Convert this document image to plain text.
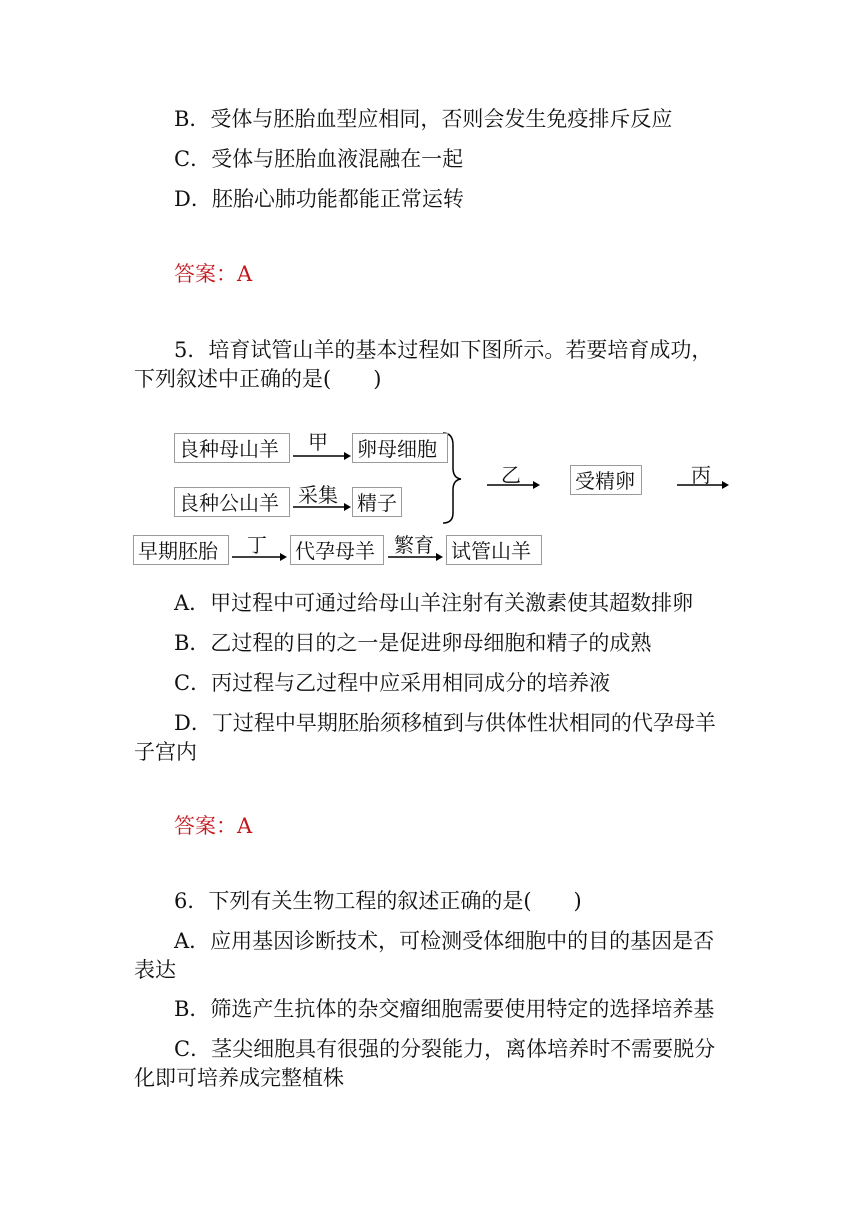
B．受体与胚胎血型应相同，否则会发生免疫排斥反应
C．受体与胚胎血液混融在一起
D．胚胎心肺功能都能正常运转
答案：A
5．培育试管山羊的基本过程如下图所示。若要培育成功，
下列叙述中正确的是(　　)
良种母山羊	甲 卵母细胞
良种公山羊 采集 精子
乙	受精卵	丙
早期胚胎	丁 代孕母羊 繁育 试管山羊
A．甲过程中可通过给母山羊注射有关激素使其超数排卵
B．乙过程的目的之一是促进卵母细胞和精子的成熟
C．丙过程与乙过程中应采用相同成分的培养液
D．丁过程中早期胚胎须移植到与供体性状相同的代孕母羊
子宫内
答案：A
6．下列有关生物工程的叙述正确的是(　　)
A．应用基因诊断技术，可检测受体细胞中的目的基因是否
表达
B．筛选产生抗体的杂交瘤细胞需要使用特定的选择培养基
C．茎尖细胞具有很强的分裂能力，离体培养时不需要脱分
化即可培养成完整植株
